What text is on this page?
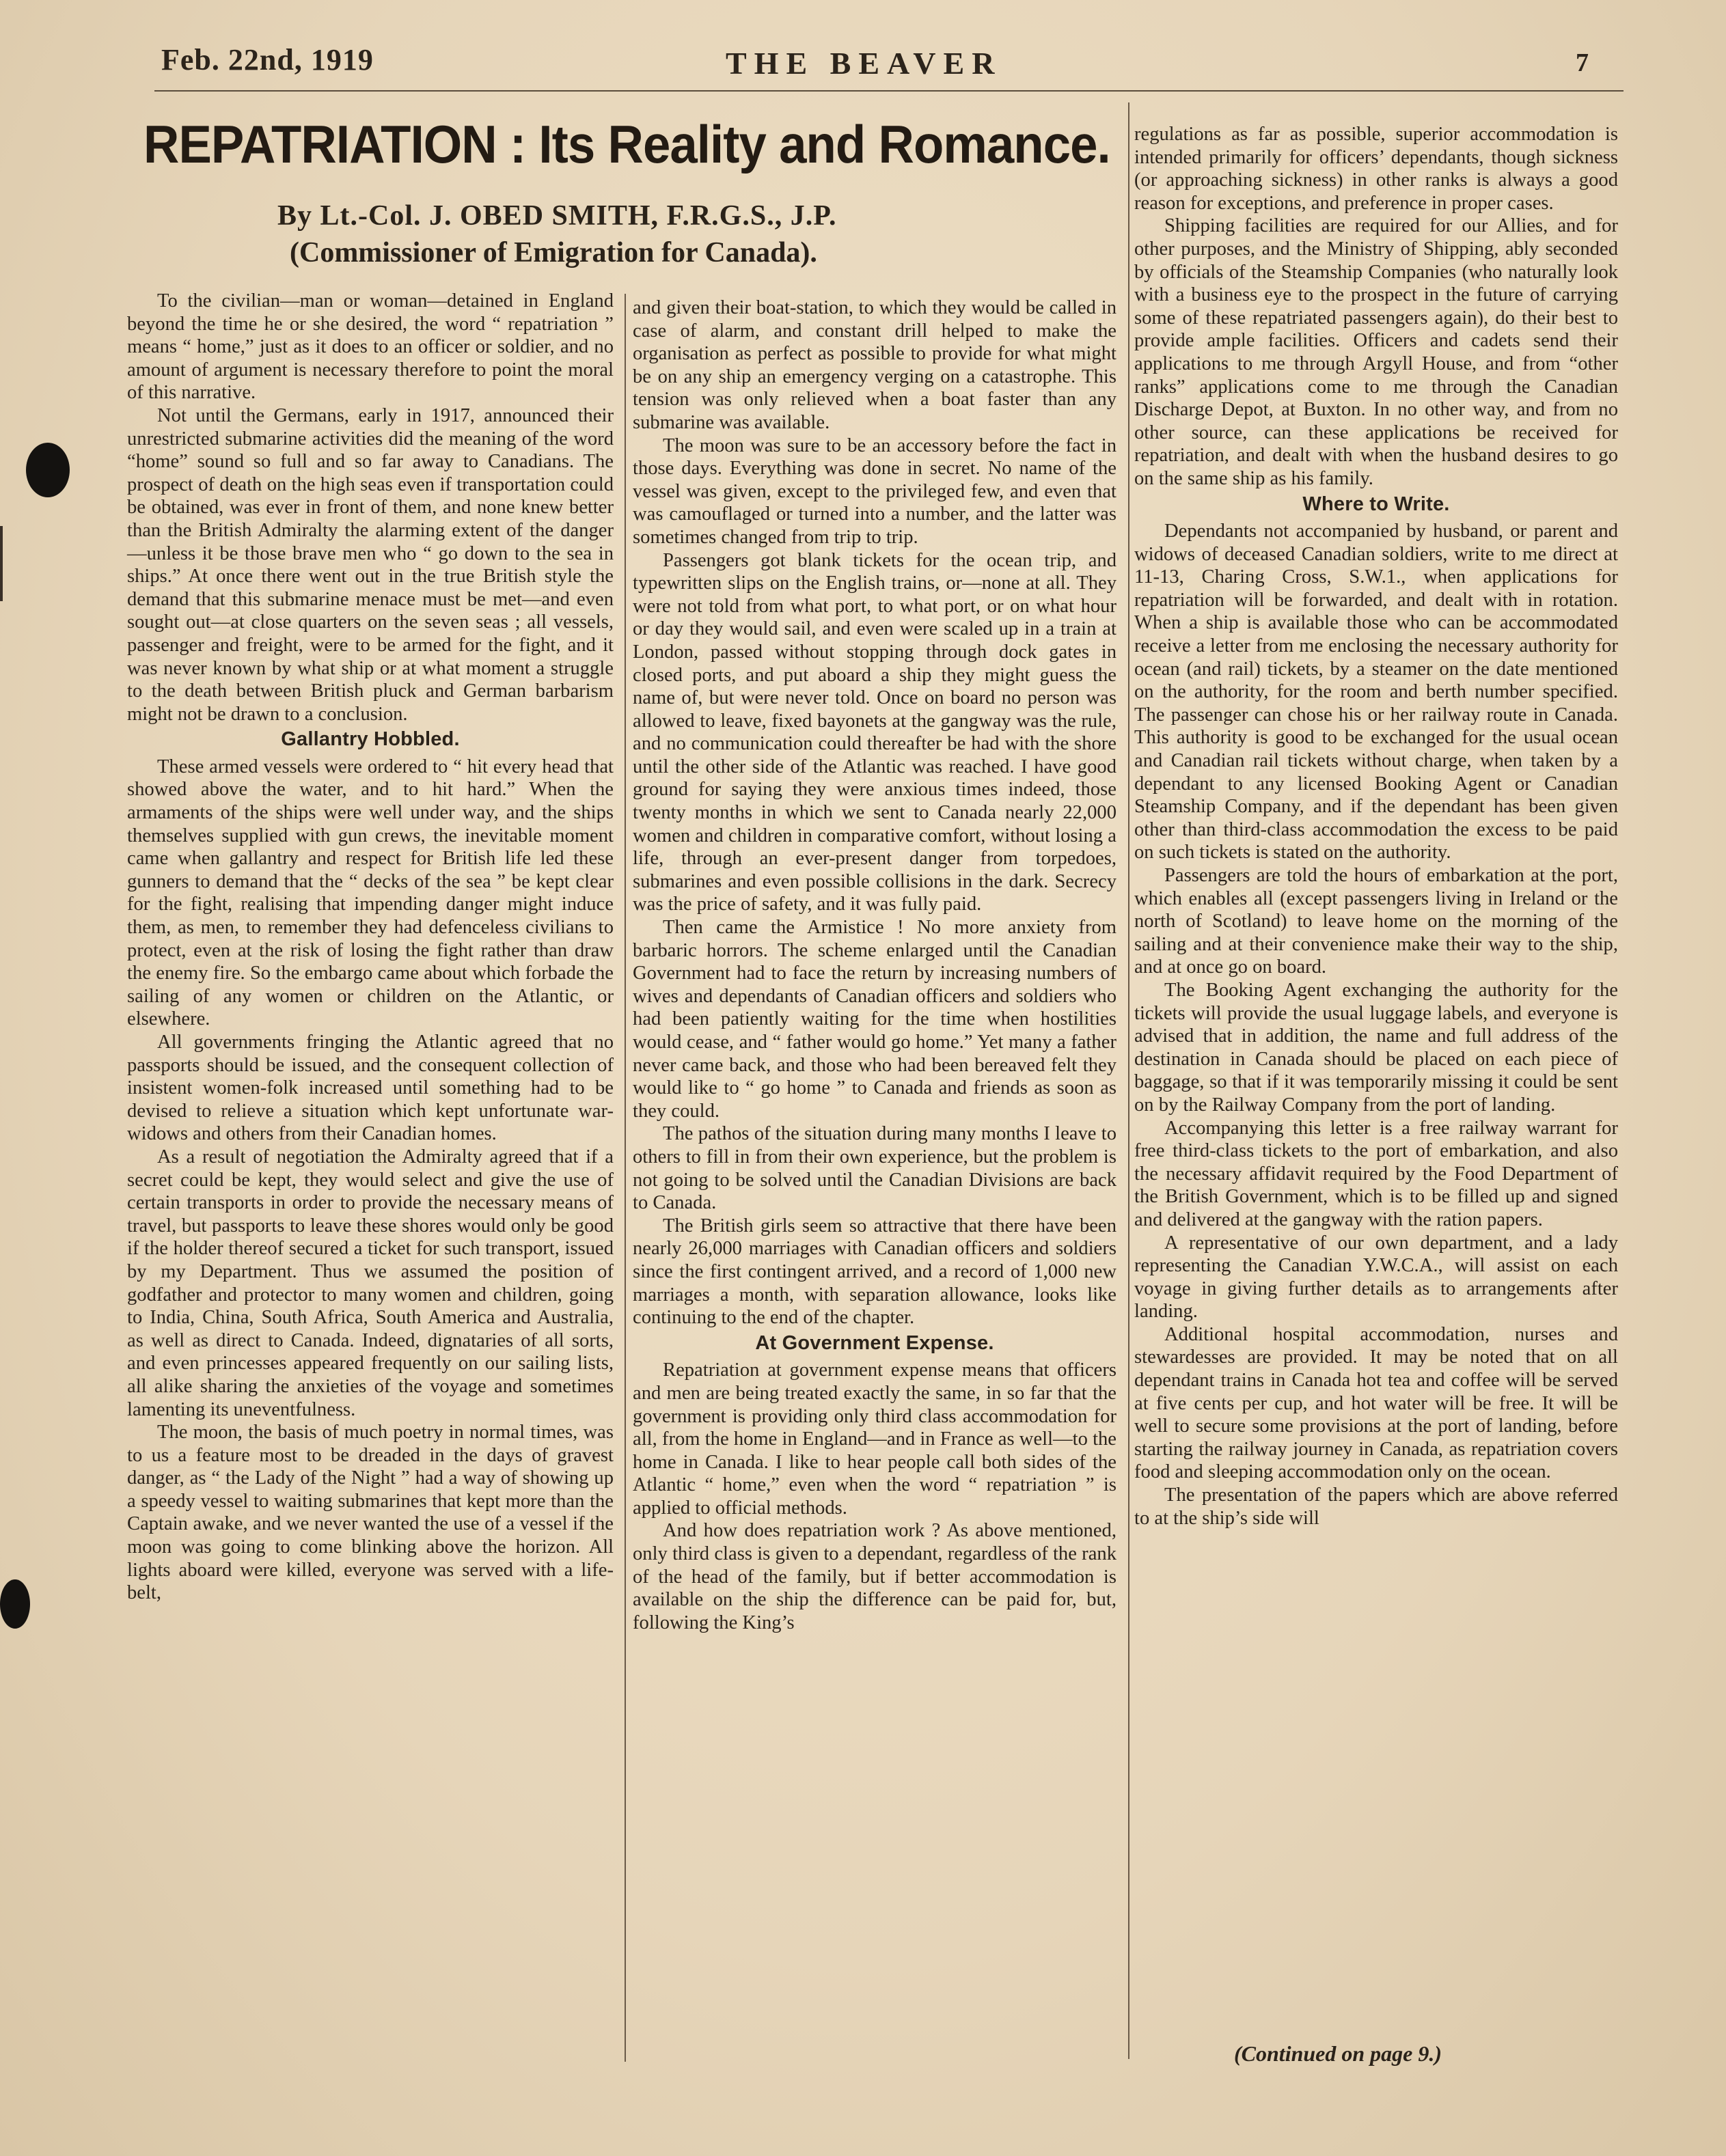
Feb. 22nd, 1919	THE BEAVER	7
REPATRIATION : Its Reality and Romance.
By Lt.-Col. J. OBED SMITH, F.R.G.S., J.P.
(Commissioner of Emigration for Canada).

To the civilian—man or woman—detained in England beyond the time he or she desired, the word “ repatriation ” means “ home,” just as it does to an officer or soldier, and no amount of argument is necessary therefore to point the moral of this narrative.

Not until the Germans, early in 1917, announced their unrestricted submarine activities did the meaning of the word “home” sound so full and so far away to Canadians. The prospect of death on the high seas even if transportation could be obtained, was ever in front of them, and none knew better than the British Admiralty the alarming extent of the danger—unless it be those brave men who “ go down to the sea in ships.” At once there went out in the true British style the demand that this submarine menace must be met—and even sought out—at close quarters on the seven seas ; all vessels, passenger and freight, were to be armed for the fight, and it was never known by what ship or at what moment a struggle to the death between British pluck and German barbarism might not be drawn to a conclusion.

Gallantry Hobbled.

These armed vessels were ordered to “ hit every head that showed above the water, and to hit hard.” When the armaments of the ships were well under way, and the ships themselves supplied with gun crews, the inevitable moment came when gallantry and respect for British life led these gunners to demand that the “ decks of the sea ” be kept clear for the fight, realising that impending danger might induce them, as men, to remember they had defenceless civilians to protect, even at the risk of losing the fight rather than draw the enemy fire. So the embargo came about which forbade the sailing of any women or children on the Atlantic, or elsewhere.

All governments fringing the Atlantic agreed that no passports should be issued, and the consequent collection of insistent women-folk increased until something had to be devised to relieve a situation which kept unfortunate war-widows and others from their Canadian homes.

As a result of negotiation the Admiralty agreed that if a secret could be kept, they would select and give the use of certain transports in order to provide the necessary means of travel, but passports to leave these shores would only be good if the holder thereof secured a ticket for such transport, issued by my Department. Thus we assumed the position of godfather and protector to many women and children, going to India, China, South Africa, South America and Australia, as well as direct to Canada. Indeed, dignataries of all sorts, and even princesses appeared frequently on our sailing lists, all alike sharing the anxieties of the voyage and sometimes lamenting its uneventfulness.

The moon, the basis of much poetry in normal times, was to us a feature most to be dreaded in the days of gravest danger, as “ the Lady of the Night ” had a way of showing up a speedy vessel to waiting submarines that kept more than the Captain awake, and we never wanted the use of a vessel if the moon was going to come blinking above the horizon. All lights aboard were killed, everyone was served with a life-belt,

and given their boat-station, to which they would be called in case of alarm, and constant drill helped to make the organisation as perfect as possible to provide for what might be on any ship an emergency verging on a catastrophe. This tension was only relieved when a boat faster than any submarine was available.

The moon was sure to be an accessory before the fact in those days. Everything was done in secret. No name of the vessel was given, except to the privileged few, and even that was camouflaged or turned into a number, and the latter was sometimes changed from trip to trip.

Passengers got blank tickets for the ocean trip, and typewritten slips on the English trains, or—none at all. They were not told from what port, to what port, or on what hour or day they would sail, and even were scaled up in a train at London, passed without stopping through dock gates in closed ports, and put aboard a ship they might guess the name of, but were never told. Once on board no person was allowed to leave, fixed bayonets at the gangway was the rule, and no communication could thereafter be had with the shore until the other side of the Atlantic was reached. I have good ground for saying they were anxious times indeed, those twenty months in which we sent to Canada nearly 22,000 women and children in comparative comfort, without losing a life, through an ever-present danger from torpedoes, submarines and even possible collisions in the dark. Secrecy was the price of safety, and it was fully paid.

Then came the Armistice ! No more anxiety from barbaric horrors. The scheme enlarged until the Canadian Government had to face the return by increasing numbers of wives and dependants of Canadian officers and soldiers who had been patiently waiting for the time when hostilities would cease, and “ father would go home.” Yet many a father never came back, and those who had been bereaved felt they would like to “ go home ” to Canada and friends as soon as they could.

The pathos of the situation during many months I leave to others to fill in from their own experience, but the problem is not going to be solved until the Canadian Divisions are back to Canada.

The British girls seem so attractive that there have been nearly 26,000 marriages with Canadian officers and soldiers since the first contingent arrived, and a record of 1,000 new marriages a month, with separation allowance, looks like continuing to the end of the chapter.

At Government Expense.

Repatriation at government expense means that officers and men are being treated exactly the same, in so far that the government is providing only third class accommodation for all, from the home in England—and in France as well—to the home in Canada. I like to hear people call both sides of the Atlantic “ home,” even when the word “ repatriation ” is applied to official methods.

And how does repatriation work ? As above mentioned, only third class is given to a dependant, regardless of the rank of the head of the family, but if better accommodation is available on the ship the difference can be paid for, but, following the King’s

regulations as far as possible, superior accommodation is intended primarily for officers’ dependants, though sickness (or approaching sickness) in other ranks is always a good reason for exceptions, and preference in proper cases.

Shipping facilities are required for our Allies, and for other purposes, and the Ministry of Shipping, ably seconded by officials of the Steamship Companies (who naturally look with a business eye to the prospect in the future of carrying some of these repatriated passengers again), do their best to provide ample facilities. Officers and cadets send their applications to me through Argyll House, and from “other ranks” applications come to me through the Canadian Discharge Depot, at Buxton. In no other way, and from no other source, can these applications be received for repatriation, and dealt with when the husband desires to go on the same ship as his family.

Where to Write.

Dependants not accompanied by husband, or parent and widows of deceased Canadian soldiers, write to me direct at 11-13, Charing Cross, S.W.1., when applications for repatriation will be forwarded, and dealt with in rotation. When a ship is available those who can be accommodated receive a letter from me enclosing the necessary authority for ocean (and rail) tickets, by a steamer on the date mentioned on the authority, for the room and berth number specified. The passenger can chose his or her railway route in Canada. This authority is good to be exchanged for the usual ocean and Canadian rail tickets without charge, when taken by a dependant to any licensed Booking Agent or Canadian Steamship Company, and if the dependant has been given other than third-class accommodation the excess to be paid on such tickets is stated on the authority.

Passengers are told the hours of embarkation at the port, which enables all (except passengers living in Ireland or the north of Scotland) to leave home on the morning of the sailing and at their convenience make their way to the ship, and at once go on board.

The Booking Agent exchanging the authority for the tickets will provide the usual luggage labels, and everyone is advised that in addition, the name and full address of the destination in Canada should be placed on each piece of baggage, so that if it was temporarily missing it could be sent on by the Railway Company from the port of landing.

Accompanying this letter is a free railway warrant for free third-class tickets to the port of embarkation, and also the necessary affidavit required by the Food Department of the British Government, which is to be filled up and signed and delivered at the gangway with the ration papers.

A representative of our own department, and a lady representing the Canadian Y.W.C.A., will assist on each voyage in giving further details as to arrangements after landing.

Additional hospital accommodation, nurses and stewardesses are provided. It may be noted that on all dependant trains in Canada hot tea and coffee will be served at five cents per cup, and hot water will be free. It will be well to secure some provisions at the port of landing, before starting the railway journey in Canada, as repatriation covers food and sleeping accommodation only on the ocean.

The presentation of the papers which are above referred to at the ship’s side will

(Continued on page 9.)
